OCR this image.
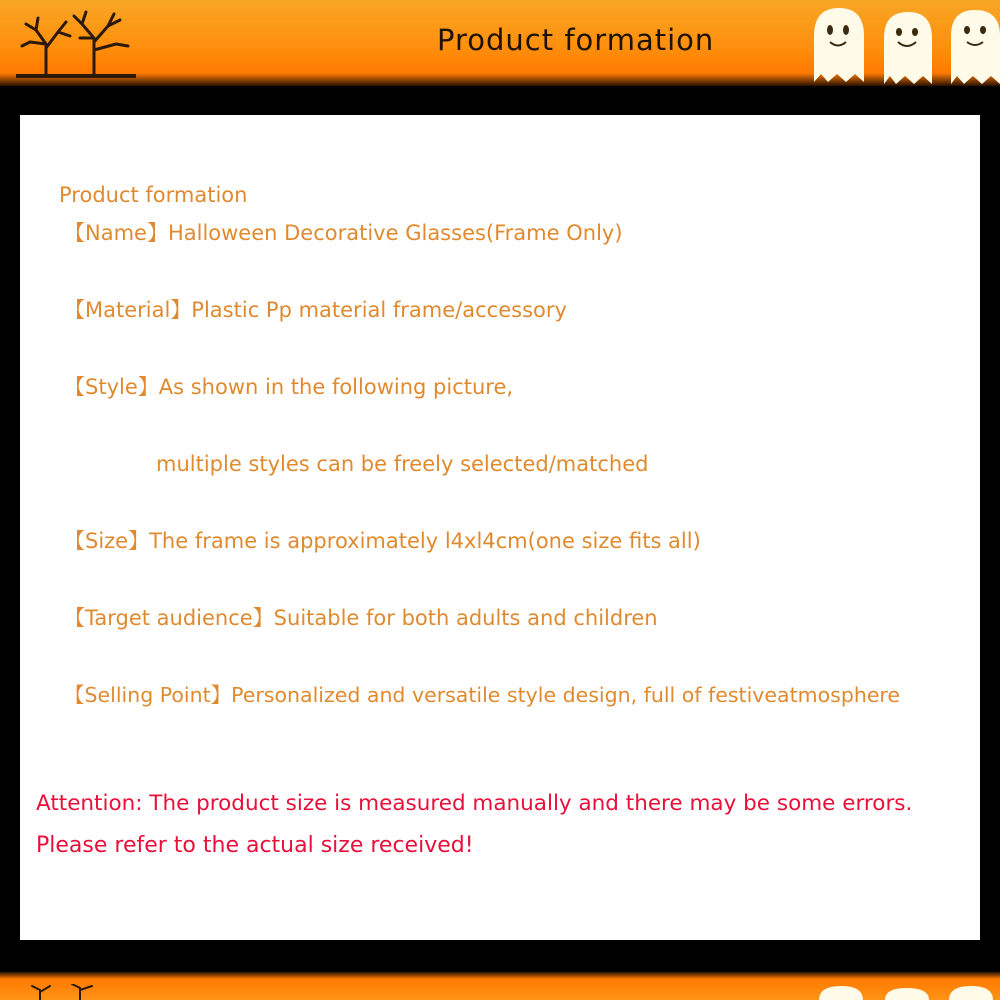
Product formation
Product formation
【Name】Halloween Decorative Glasses(Frame Only)
【Material】Plastic Pp material frame/accessory
【Style】As shown in the following picture,
multiple styles can be freely selected/matched
【Size】The frame is approximately l4xl4cm(one size fits all)
【Target audience】Suitable for both adults and children
【Selling Point】Personalized and versatile style design, full of festiveatmosphere
Attention: The product size is measured manually and there may be some errors.
Please refer to the actual size received!
